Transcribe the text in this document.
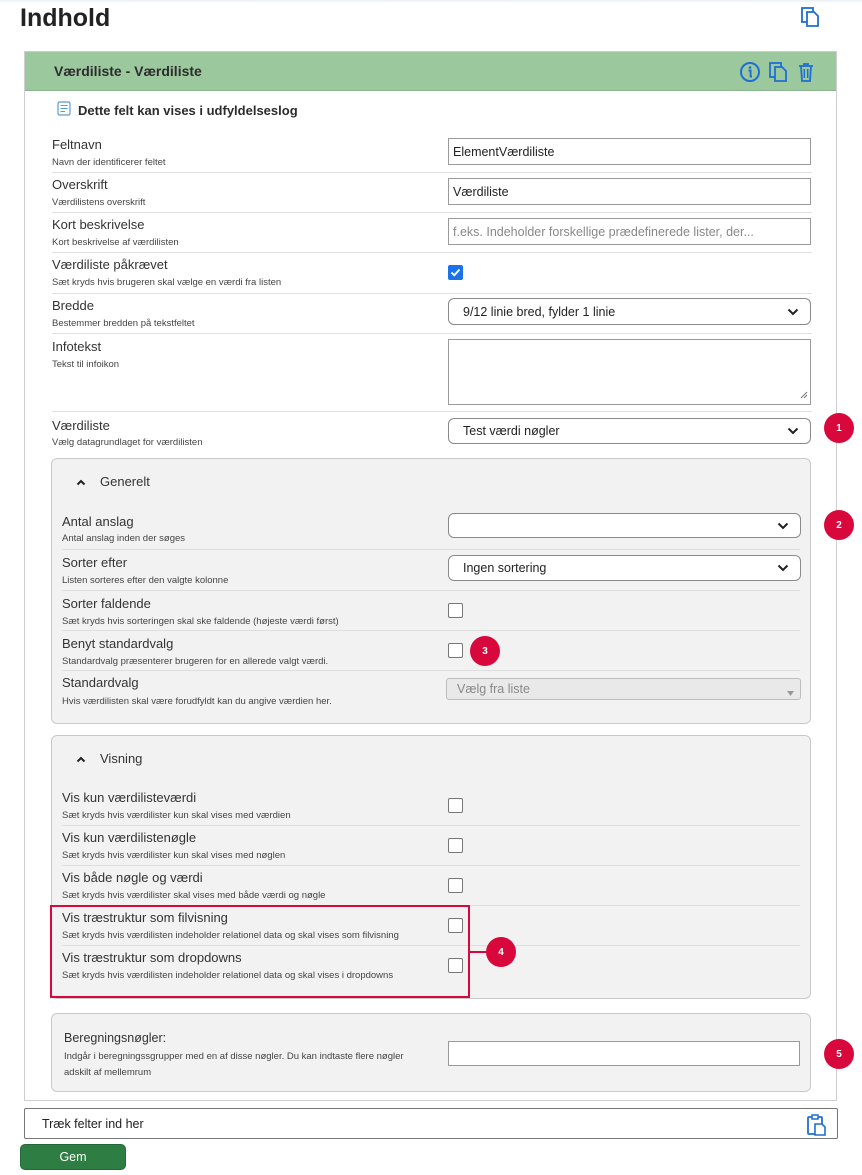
Indhold
Værdiliste - Værdiliste
Dette felt kan vises i udfyldelseslog
Feltnavn
Navn der identificerer feltet
ElementVærdiliste
Overskrift
Værdilistens overskrift
Værdiliste
Kort beskrivelse
Kort beskrivelse af værdilisten
f.eks. Indeholder forskellige prædefinerede lister, der...
Værdiliste påkrævet
Sæt kryds hvis brugeren skal vælge en værdi fra listen
Bredde
Bestemmer bredden på tekstfeltet
9/12 linie bred, fylder 1 linie
Infotekst
Tekst til infoikon
Værdiliste
Vælg datagrundlaget for værdilisten
Test værdi nøgler
Generelt
Antal anslag
Antal anslag inden der søges
Sorter efter
Listen sorteres efter den valgte kolonne
Ingen sortering
Sorter faldende
Sæt kryds hvis sorteringen skal ske faldende (højeste værdi først)
Benyt standardvalg
Standardvalg præsenterer brugeren for en allerede valgt værdi.
Standardvalg
Hvis værdilisten skal være forudfyldt kan du angive værdien her.
Vælg fra liste
Visning
Vis kun værdilisteværdi
Sæt kryds hvis værdilister kun skal vises med værdien
Vis kun værdilistenøgle
Sæt kryds hvis værdilister kun skal vises med nøglen
Vis både nøgle og værdi
Sæt kryds hvis værdilister skal vises med både værdi og nøgle
Vis træstruktur som filvisning
Sæt kryds hvis værdilisten indeholder relationel data og skal vises som filvisning
Vis træstruktur som dropdowns
Sæt kryds hvis værdilisten indeholder relationel data og skal vises i dropdowns
Beregningsnøgler:
Indgår i beregningssgrupper med en af disse nøgler. Du kan indtaste flere nøgler
adskilt af mellemrum
1
2
3
4
5
Træk felter ind her
Gem
